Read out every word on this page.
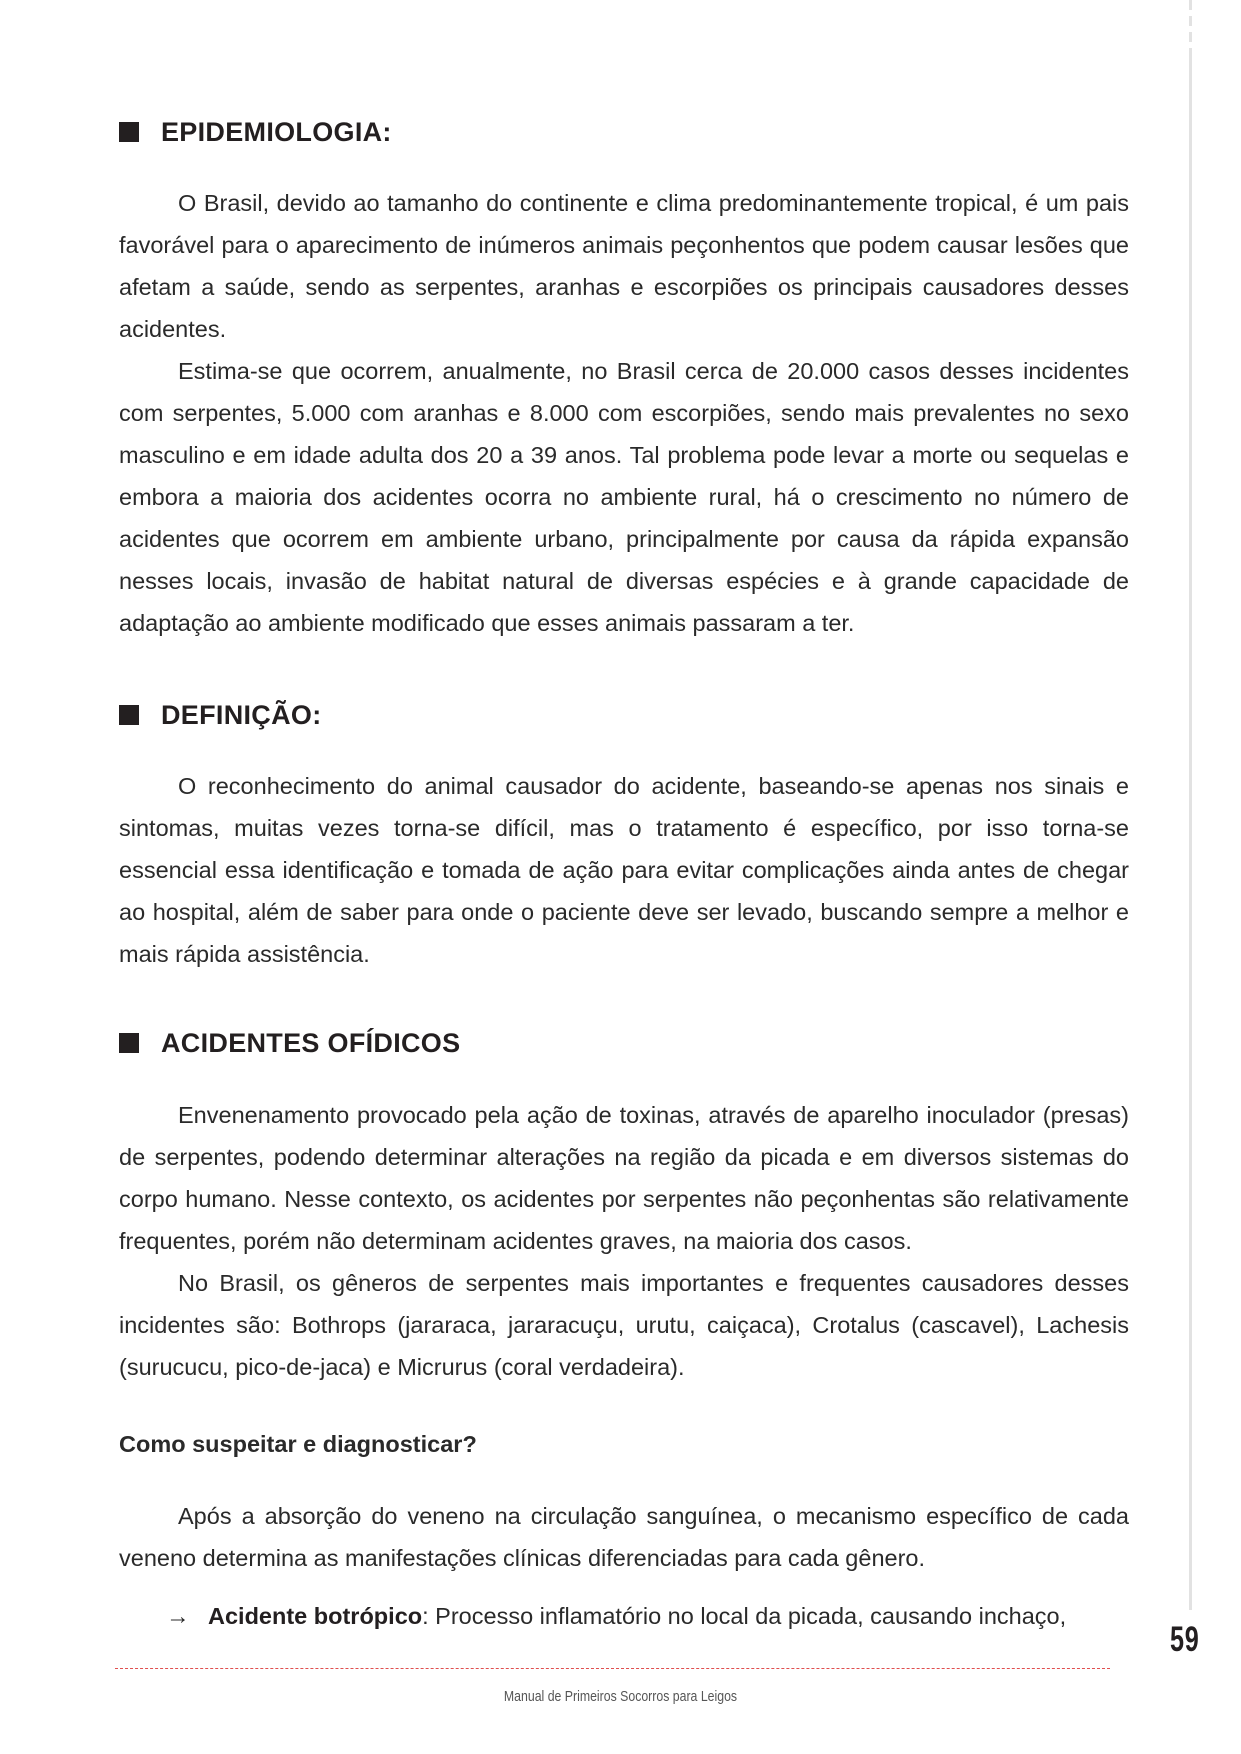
EPIDEMIOLOGIA:

O Brasil, devido ao tamanho do continente e clima predominantemente tropical, é um pais favorável para o aparecimento de inúmeros animais peçonhentos que podem causar lesões que afetam a saúde, sendo as serpentes, aranhas e escorpiões os principais causadores desses acidentes.

Estima-se que ocorrem, anualmente, no Brasil cerca de 20.000 casos desses incidentes com serpentes, 5.000 com aranhas e 8.000 com escorpiões, sendo mais prevalentes no sexo masculino e em idade adulta dos 20 a 39 anos. Tal problema pode levar a morte ou sequelas e embora a maioria dos acidentes ocorra no ambiente rural, há o crescimento no número de acidentes que ocorrem em ambiente urbano, principalmente por causa da rápida expansão nesses locais, invasão de habitat natural de diversas espécies e à grande capacidade de adaptação ao ambiente modificado que esses animais passaram a ter.

DEFINIÇÃO:

O reconhecimento do animal causador do acidente, baseando-se apenas nos sinais e sintomas, muitas vezes torna-se difícil, mas o tratamento é específico, por isso torna-se essencial essa identificação e tomada de ação para evitar complicações ainda antes de chegar ao hospital, além de saber para onde o paciente deve ser levado, buscando sempre a melhor e mais rápida assistência.

ACIDENTES OFÍDICOS

Envenenamento provocado pela ação de toxinas, através de aparelho inoculador (presas) de serpentes, podendo determinar alterações na região da picada e em diversos sistemas do corpo humano. Nesse contexto, os acidentes por serpentes não peçonhentas são relativamente frequentes, porém não determinam acidentes graves, na maioria dos casos.

No Brasil, os gêneros de serpentes mais importantes e frequentes causadores desses incidentes são: Bothrops (jararaca, jararacuçu, urutu, caiçaca), Crotalus (cascavel), Lachesis (surucucu, pico-de-jaca) e Micrurus (coral verdadeira).

Como suspeitar e diagnosticar?

Após a absorção do veneno na circulação sanguínea, o mecanismo específico de cada veneno determina as manifestações clínicas diferenciadas para cada gênero.

→ Acidente botrópico: Processo inflamatório no local da picada, causando inchaço,
59
Manual de Primeiros Socorros para Leigos
